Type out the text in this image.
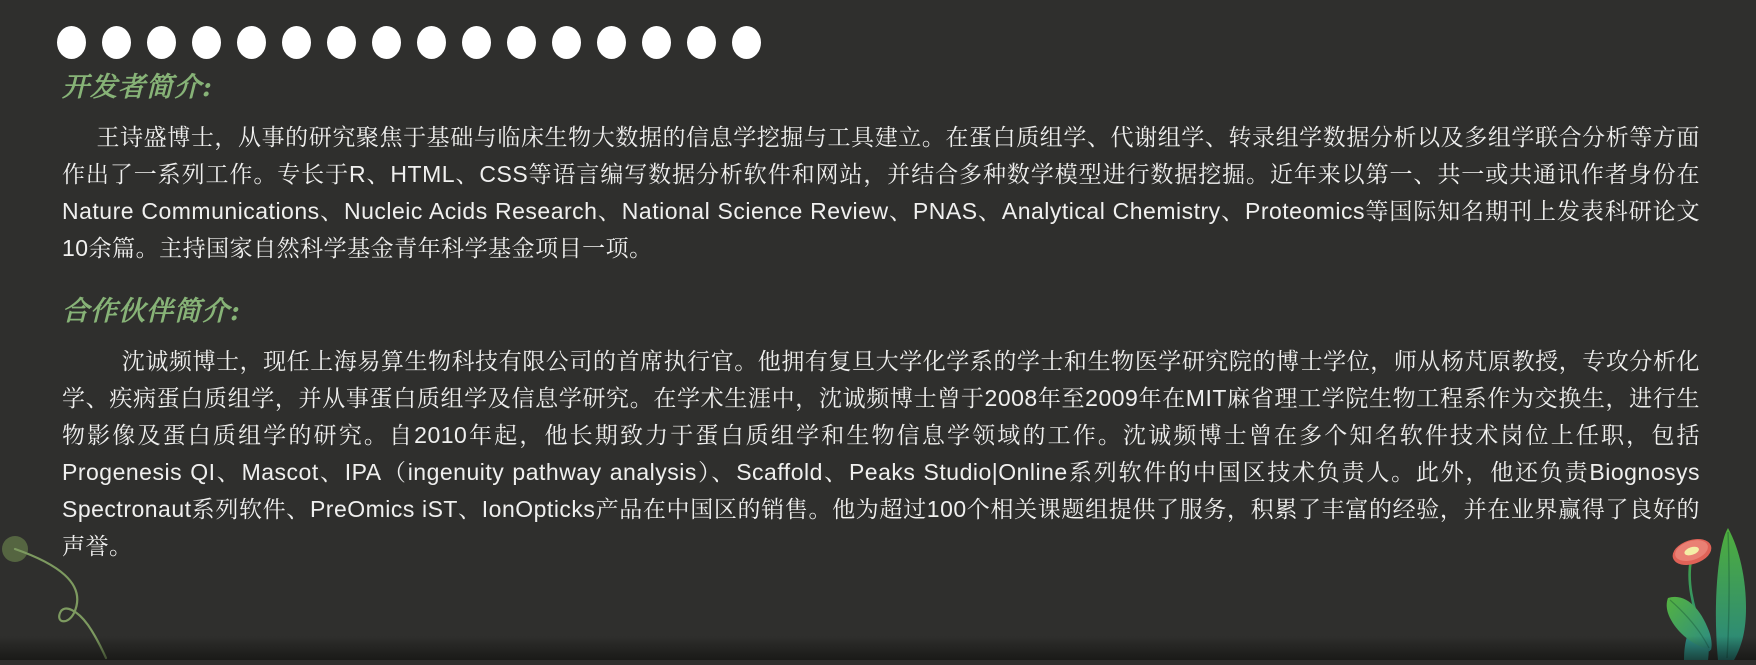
开发者简介:

王诗盛博士，从事的研究聚焦于基础与临床生物大数据的信息学挖掘与工具建立。在蛋白质组学、代谢组学、转录组学数据分析以及多组学联合分析等方面作出了一系列工作。专长于R、HTML、CSS等语言编写数据分析软件和网站，并结合多种数学模型进行数据挖掘。近年来以第一、共一或共通讯作者身份在Nature Communications、Nucleic Acids Research、National Science Review、PNAS、Analytical Chemistry、Proteomics等国际知名期刊上发表科研论文10余篇。主持国家自然科学基金青年科学基金项目一项。

合作伙伴简介:

沈诚频博士，现任上海易算生物科技有限公司的首席执行官。他拥有复旦大学化学系的学士和生物医学研究院的博士学位，师从杨芃原教授，专攻分析化学、疾病蛋白质组学，并从事蛋白质组学及信息学研究。在学术生涯中，沈诚频博士曾于2008年至2009年在MIT麻省理工学院生物工程系作为交换生，进行生物影像及蛋白质组学的研究。自2010年起，他长期致力于蛋白质组学和生物信息学领域的工作。沈诚频博士曾在多个知名软件技术岗位上任职，包括Progenesis QI、Mascot、IPA（ingenuity pathway analysis）、Scaffold、Peaks Studio|Online系列软件的中国区技术负责人。此外，他还负责Biognosys Spectronaut系列软件、PreOmics iST、IonOpticks产品在中国区的销售。他为超过100个相关课题组提供了服务，积累了丰富的经验，并在业界赢得了良好的声誉。
